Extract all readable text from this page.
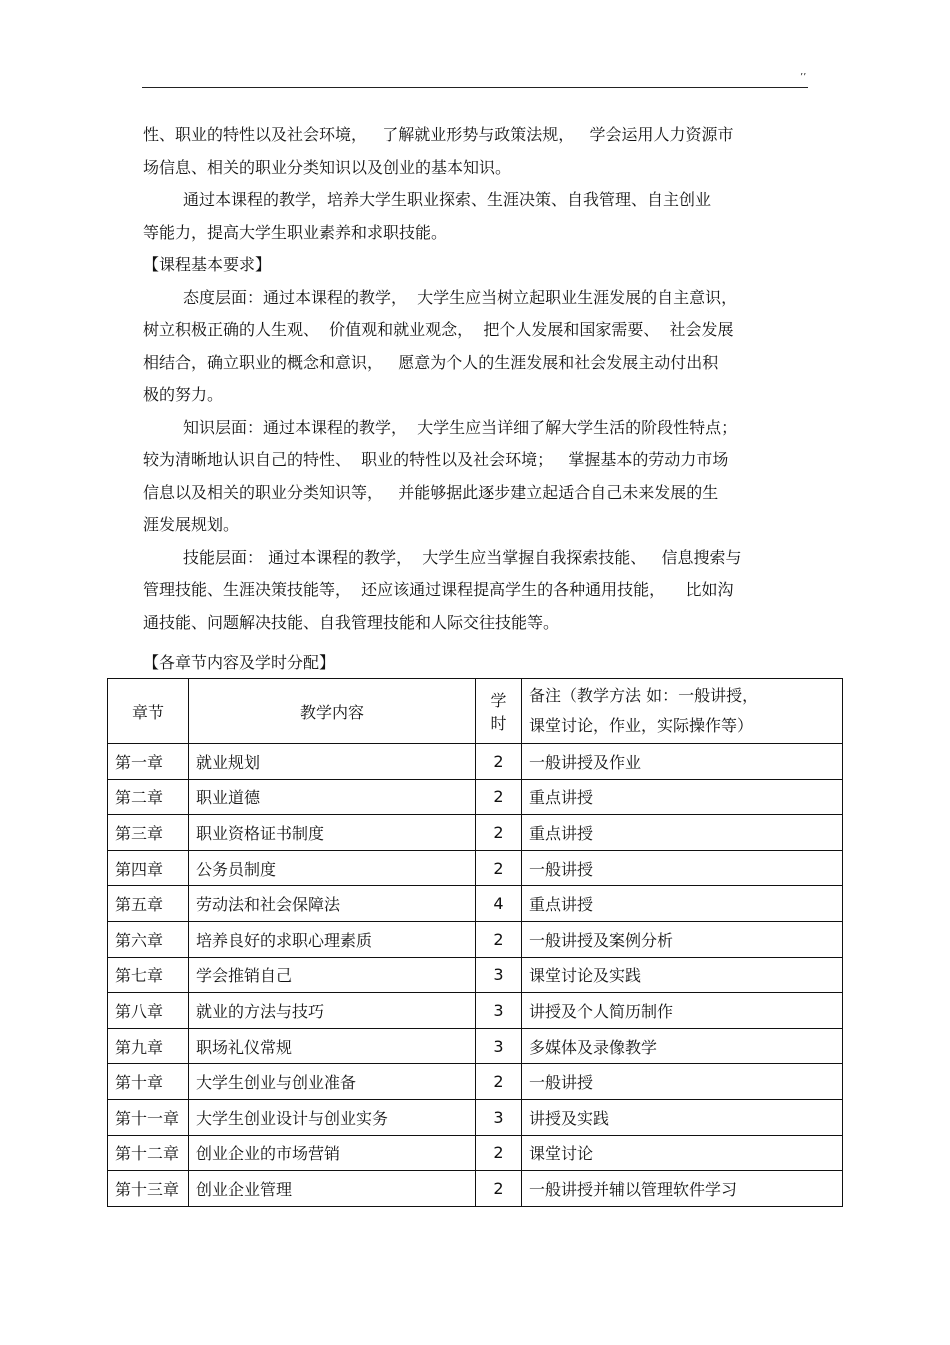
’’

性、职业的特性以及社会环境，   了解就业形势与政策法规，   学会运用人力资源市

场信息、相关的职业分类知识以及创业的基本知识。

通过本课程的教学，培养大学生职业探索、生涯决策、自我管理、自主创业

等能力，提高大学生职业素养和求职技能。

【课程基本要求】

态度层面：通过本课程的教学，  大学生应当树立起职业生涯发展的自主意识，

树立积极正确的人生观、  价值观和就业观念，  把个人发展和国家需要、  社会发展

相结合，确立职业的概念和意识，   愿意为个人的生涯发展和社会发展主动付出积

极的努力。

知识层面：通过本课程的教学，  大学生应当详细了解大学生活的阶段性特点；

较为清晰地认识自己的特性、  职业的特性以及社会环境；   掌握基本的劳动力市场

信息以及相关的职业分类知识等，   并能够据此逐步建立起适合自己未来发展的生

涯发展规划。

技能层面： 通过本课程的教学，  大学生应当掌握自我探索技能、   信息搜索与

管理技能、生涯决策技能等，  还应该通过课程提高学生的各种通用技能，    比如沟

通技能、问题解决技能、自我管理技能和人际交往技能等。

【各章节内容及学时分配】
章节	教学内容	学时	备注（教学方法 如：一般讲授，
课堂讨论，作业，实际操作等）
第一章	就业规划	2	一般讲授及作业
第二章	职业道德	2	重点讲授
第三章	职业资格证书制度	2	重点讲授
第四章	公务员制度	2	一般讲授
第五章	劳动法和社会保障法	4	重点讲授
第六章	培养良好的求职心理素质	2	一般讲授及案例分析
第七章	学会推销自己	3	课堂讨论及实践
第八章	就业的方法与技巧	3	讲授及个人简历制作
第九章	职场礼仪常规	3	多媒体及录像教学
第十章	大学生创业与创业准备	2	一般讲授
第十一章	大学生创业设计与创业实务	3	讲授及实践
第十二章	创业企业的市场营销	2	课堂讨论
第十三章	创业企业管理	2	一般讲授并辅以管理软件学习
